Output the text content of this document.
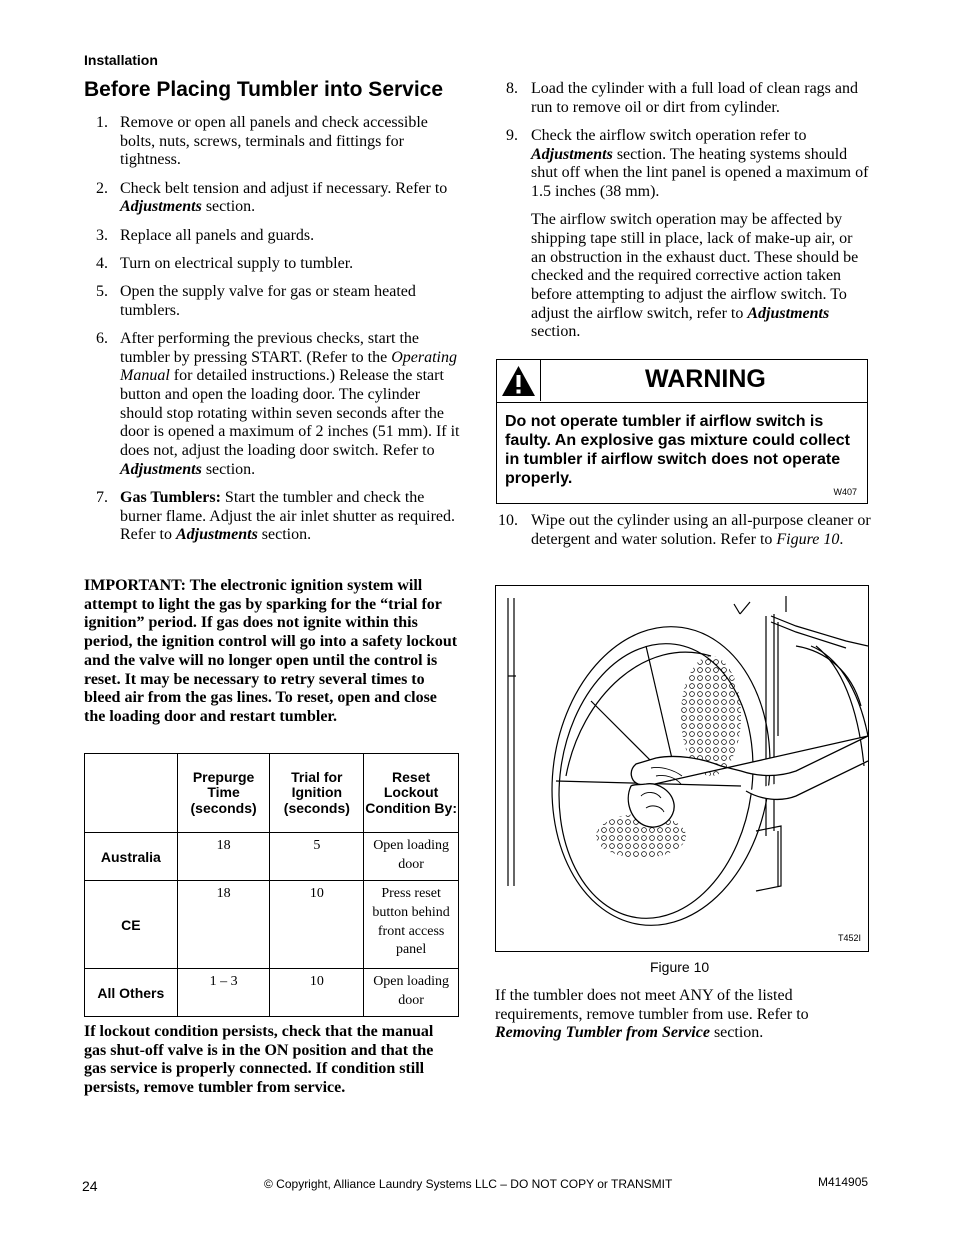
Installation
Before Placing Tumbler into Service
1. Remove or open all panels and check accessible bolts, nuts, screws, terminals and fittings for tightness.

2. Check belt tension and adjust if necessary. Refer to Adjustments section.

3. Replace all panels and guards.

4. Turn on electrical supply to tumbler.

5. Open the supply valve for gas or steam heated tumblers.

6. After performing the previous checks, start the tumbler by pressing START. (Refer to the Operating Manual for detailed instructions.) Release the start button and open the loading door. The cylinder should stop rotating within seven seconds after the door is opened a maximum of 2 inches (51 mm). If it does not, adjust the loading door switch. Refer to Adjustments section.

7. Gas Tumblers: Start the tumbler and check the burner flame. Adjust the air inlet shutter as required. Refer to Adjustments section.

8. Load the cylinder with a full load of clean rags and run to remove oil or dirt from cylinder.

9. Check the airflow switch operation refer to Adjustments section. The heating systems should shut off when the lint panel is opened a maximum of 1.5 inches (38 mm).

The airflow switch operation may be affected by shipping tape still in place, lack of make-up air, or an obstruction in the exhaust duct. These should be checked and the required corrective action taken before attempting to adjust the airflow switch. To adjust the airflow switch, refer to Adjustments section.

IMPORTANT: The electronic ignition system will attempt to light the gas by sparking for the “trial for ignition” period. If gas does not ignite within this period, the ignition control will go into a safety lockout and the valve will no longer open until the control is reset. It may be necessary to retry several times to bleed air from the gas lines. To reset, open and close the loading door and restart tumbler.
	Prepurge Time (seconds)	Trial for Ignition (seconds)	Reset Lockout Condition By:
Australia	18	5	Open loading door
CE	18	10	Press reset button behind front access panel
All Others	1 – 3	10	Open loading door
If lockout condition persists, check that the manual gas shut-off valve is in the ON position and that the gas service is properly connected. If condition still persists, remove tumbler from service.
WARNING
Do not operate tumbler if airflow switch is faulty. An explosive gas mixture could collect in tumbler if airflow switch does not operate properly.
W407
T452I
Figure 10
If the tumbler does not meet ANY of the listed requirements, remove tumbler from use. Refer to Removing Tumbler from Service section.
24	© Copyright, Alliance Laundry Systems LLC – DO NOT COPY or TRANSMIT	M414905
10. Wipe out the cylinder using an all-purpose cleaner or detergent and water solution. Refer to Figure 10.
